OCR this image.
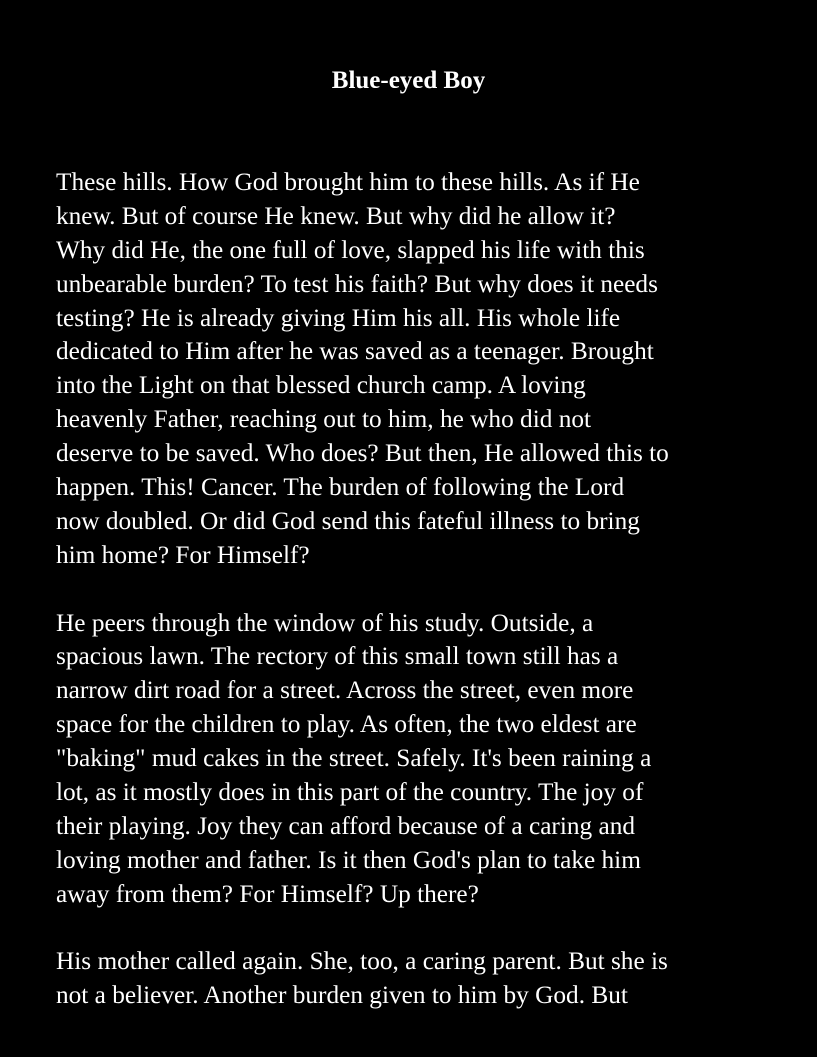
Blue-eyed Boy
These hills. How God brought him to these hills. As if He
knew. But of course He knew. But why did he allow it?
Why did He, the one full of love, slapped his life with this
unbearable burden? To test his faith? But why does it needs
testing? He is already giving Him his all. His whole life
dedicated to Him after he was saved as a teenager. Brought
into the Light on that blessed church camp. A loving
heavenly Father, reaching out to him, he who did not
deserve to be saved. Who does? But then, He allowed this to
happen. This! Cancer. The burden of following the Lord
now doubled. Or did God send this fateful illness to bring
him home? For Himself?
He peers through the window of his study. Outside, a
spacious lawn. The rectory of this small town still has a
narrow dirt road for a street. Across the street, even more
space for the children to play. As often, the two eldest are
"baking" mud cakes in the street. Safely. It's been raining a
lot, as it mostly does in this part of the country. The joy of
their playing. Joy they can afford because of a caring and
loving mother and father. Is it then God's plan to take him
away from them? For Himself? Up there?
His mother called again. She, too, a caring parent. But she is
not a believer. Another burden given to him by God. But
